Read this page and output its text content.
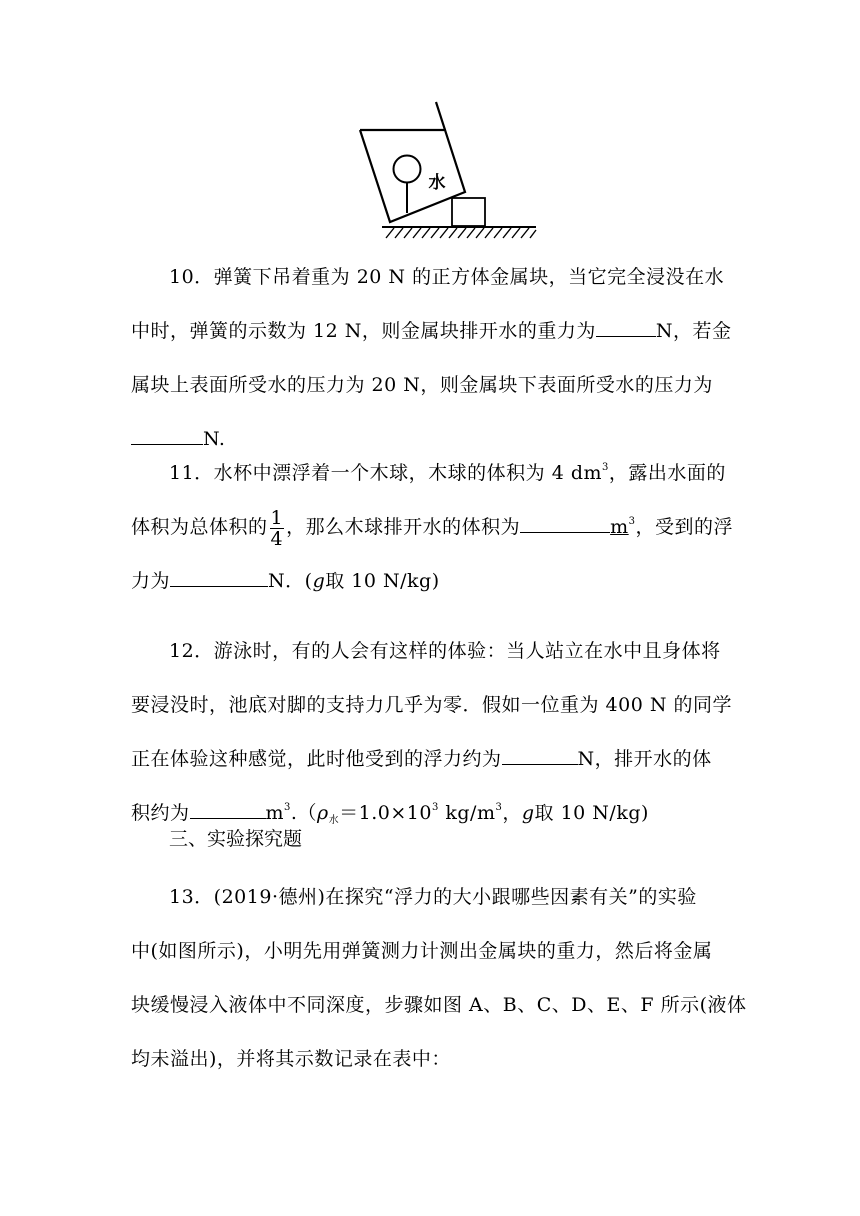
水
10．弹簧下吊着重为 20 N 的正方体金属块，当它完全浸没在水
中时，弹簧的示数为 12 N，则金属块排开水的重力为	N，若金
属块上表面所受水的压力为 20 N，则金属块下表面所受水的压力为
N.
11．水杯中漂浮着一个木球，木球的体积为 4 $dm^3$，露出水面的
体积为总体积的 $\frac{1}{4}$ ，那么木球排开水的体积为	$m^3$，受到的浮
力为	N．(g取 10 N/kg)
12．游泳时，有的人会有这样的体验：当人站立在水中且身体将
要浸没时，池底对脚的支持力几乎为零．假如一位重为 400 N 的同学
正在体验这种感觉，此时他受到的浮力约为	N，排开水的体
积约为	$m^3.(\rho_水=1.0\times 10^3$ $kg/m^3$，g取 10 N/kg)
三、实验探究题
13．(2019·德州)在探究“浮力的大小跟哪些因素有关”的实验
中(如图所示)，小明先用弹簧测力计测出金属块的重力，然后将金属
块缓慢浸入液体中不同深度，步骤如图 A、B、C、D、E、F 所示(液体
均未溢出)，并将其示数记录在表中：
